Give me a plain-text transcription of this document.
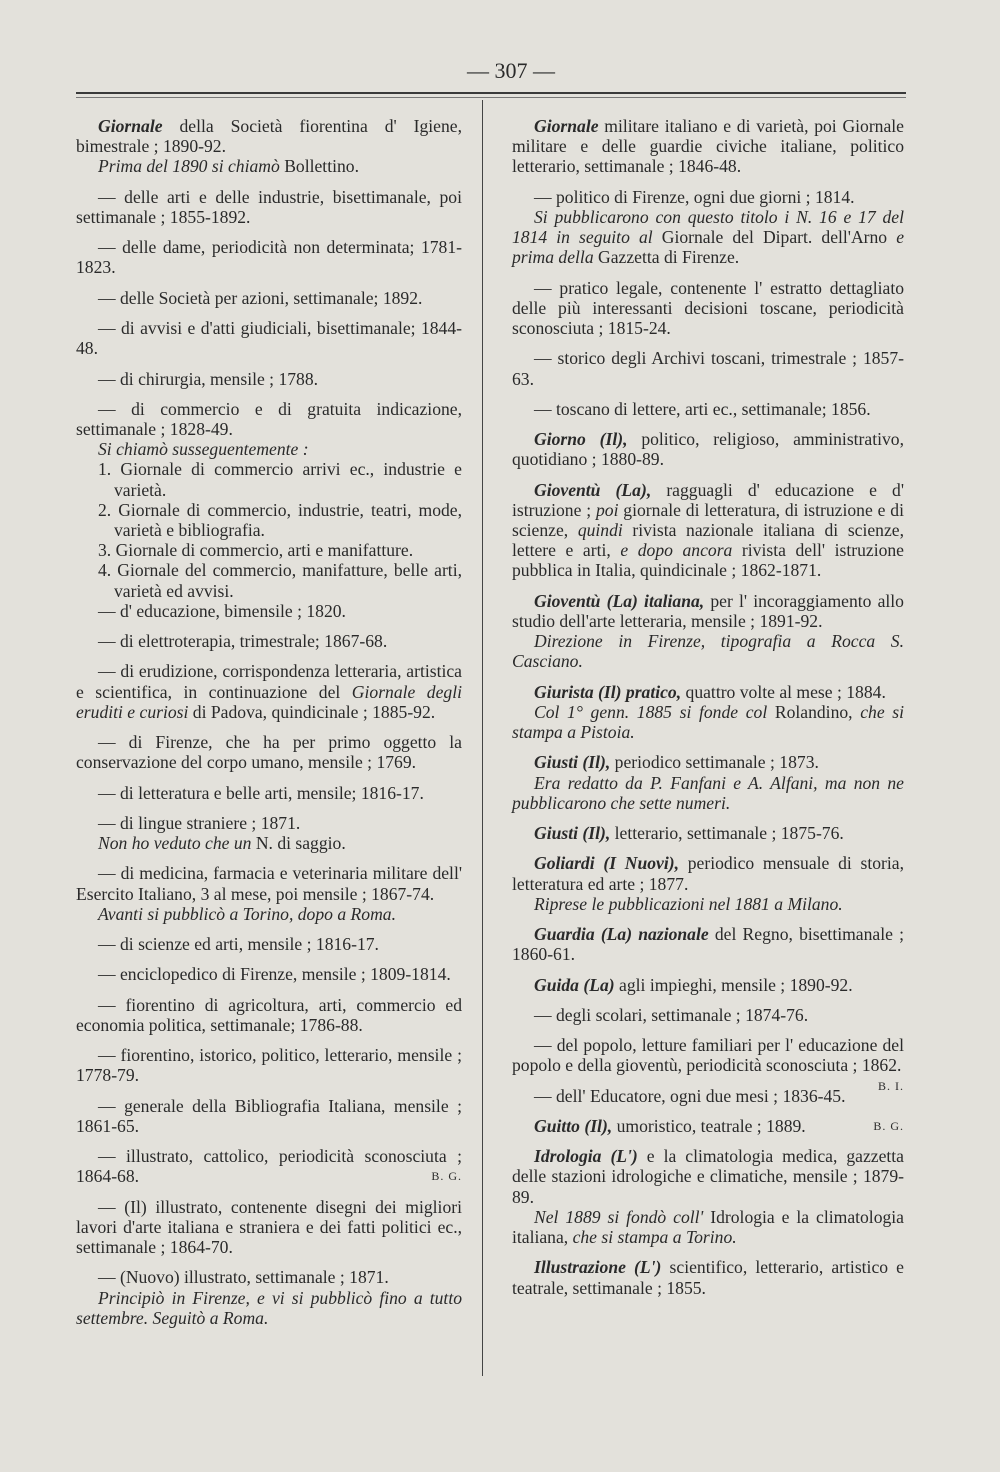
— 307 —

Giornale della Società fiorentina d' Igiene, bimestrale ; 1890-92.

Prima del 1890 si chiamò Bollettino.

— delle arti e delle industrie, bisettimanale, poi settimanale ; 1855-1892.

— delle dame, periodicità non determinata; 1781-1823.

— delle Società per azioni, settimanale; 1892.

— di avvisi e d'atti giudiciali, bisettimanale; 1844-48.

— di chirurgia, mensile ; 1788.

— di commercio e di gratuita indicazione, settimanale ; 1828-49.

Si chiamò susseguentemente :

1. Giornale di commercio arrivi ec., industrie e varietà.

2. Giornale di commercio, industrie, teatri, mode, varietà e bibliografia.

3. Giornale di commercio, arti e manifatture.

4. Giornale del commercio, manifatture, belle arti, varietà ed avvisi.

— d' educazione, bimensile ; 1820.

— di elettroterapia, trimestrale; 1867-68.

— di erudizione, corrispondenza letteraria, artistica e scientifica, in continuazione del Giornale degli eruditi e curiosi di Padova, quindicinale ; 1885-92.

— di Firenze, che ha per primo oggetto la conservazione del corpo umano, mensile ; 1769.

— di letteratura e belle arti, mensile; 1816-17.

— di lingue straniere ; 1871.

Non ho veduto che un N. di saggio.

— di medicina, farmacia e veterinaria militare dell' Esercito Italiano, 3 al mese, poi mensile ; 1867-74.

Avanti si pubblicò a Torino, dopo a Roma.

— di scienze ed arti, mensile ; 1816-17.

— enciclopedico di Firenze, mensile ; 1809-1814.

— fiorentino di agricoltura, arti, commercio ed economia politica, settimanale; 1786-88.

— fiorentino, istorico, politico, letterario, mensile ; 1778-79.

— generale della Bibliografia Italiana, mensile ; 1861-65.

— illustrato, cattolico, periodicità sconosciuta ; 1864-68.	B. G.

— (Il) illustrato, contenente disegni dei migliori lavori d'arte italiana e straniera e dei fatti politici ec., settimanale ; 1864-70.

— (Nuovo) illustrato, settimanale ; 1871.

Principiò in Firenze, e vi si pubblicò fino a tutto settembre. Seguitò a Roma.

Giornale militare italiano e di varietà, poi Giornale militare e delle guardie civiche italiane, politico letterario, settimanale ; 1846-48.

— politico di Firenze, ogni due giorni ; 1814.

Si pubblicarono con questo titolo i N. 16 e 17 del 1814 in seguito al Giornale del Dipart. dell'Arno e prima della Gazzetta di Firenze.

— pratico legale, contenente l' estratto dettagliato delle più interessanti decisioni toscane, periodicità sconosciuta ; 1815-24.

— storico degli Archivi toscani, trimestrale ; 1857-63.

— toscano di lettere, arti ec., settimanale; 1856.

Giorno (Il), politico, religioso, amministrativo, quotidiano ; 1880-89.

Gioventù (La), ragguagli d' educazione e d' istruzione ; poi giornale di letteratura, di istruzione e di scienze, quindi rivista nazionale italiana di scienze, lettere e arti, e dopo ancora rivista dell' istruzione pubblica in Italia, quindicinale ; 1862-1871.

Gioventù (La) italiana, per l' incoraggiamento allo studio dell'arte letteraria, mensile ; 1891-92.

Direzione in Firenze, tipografia a Rocca S. Casciano.

Giurista (Il) pratico, quattro volte al mese ; 1884.

Col 1° genn. 1885 si fonde col Rolandino, che si stampa a Pistoia.

Giusti (Il), periodico settimanale ; 1873.

Era redatto da P. Fanfani e A. Alfani, ma non ne pubblicarono che sette numeri.

Giusti (Il), letterario, settimanale ; 1875-76.

Goliardi (I Nuovi), periodico mensuale di storia, letteratura ed arte ; 1877.

Riprese le pubblicazioni nel 1881 a Milano.

Guardia (La) nazionale del Regno, bisettimanale ; 1860-61.

Guida (La) agli impieghi, mensile ; 1890-92.

— degli scolari, settimanale ; 1874-76.

— del popolo, letture familiari per l' educazione del popolo e della gioventù, periodicità sconosciuta ; 1862.
B. I.

— dell' Educatore, ogni due mesi ; 1836-45.

Guitto (Il), umoristico, teatrale ; 1889.	B. G.

Idrologia (L') e la climatologia medica, gazzetta delle stazioni idrologiche e climatiche, mensile ; 1879-89.

Nel 1889 si fondò coll' Idrologia e la climatologia italiana, che si stampa a Torino.

Illustrazione (L') scientifico, letterario, artistico e teatrale, settimanale ; 1855.
